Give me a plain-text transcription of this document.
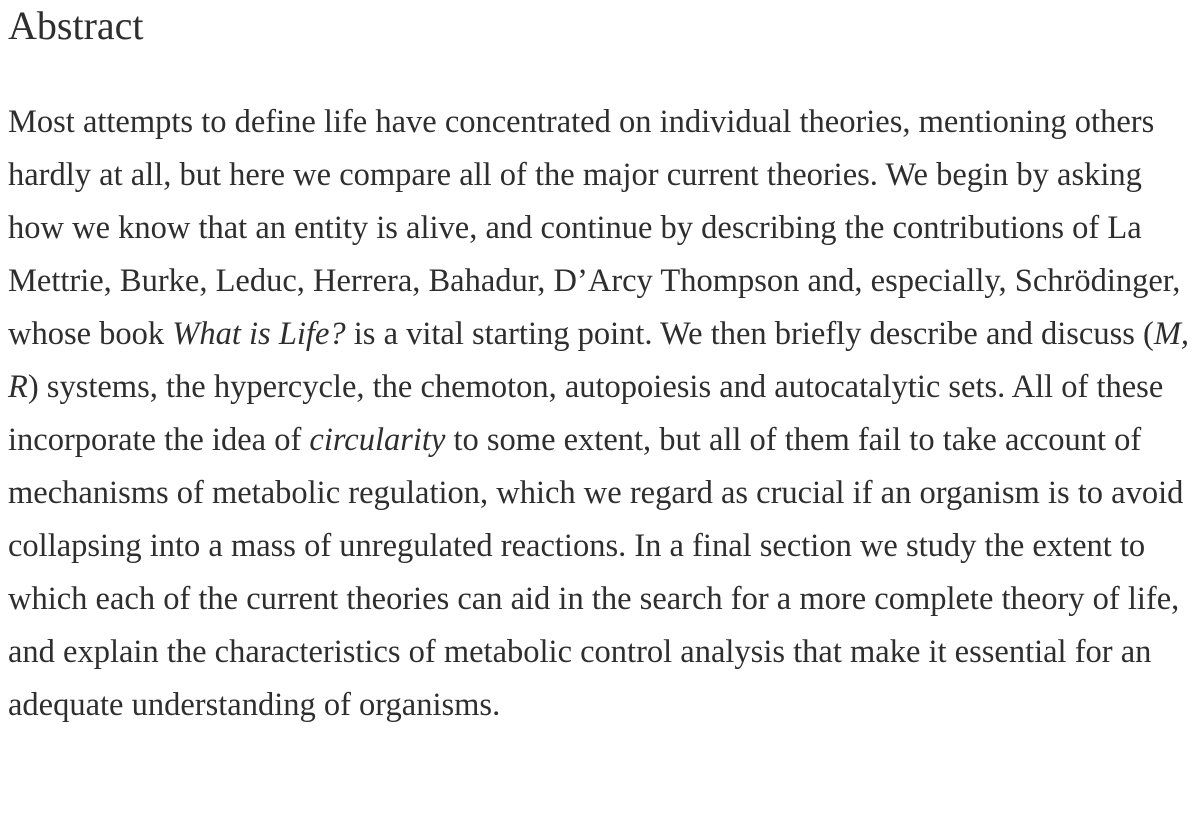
Abstract

Most attempts to define life have concentrated on individual theories, mentioning others hardly at all, but here we compare all of the major current theories. We begin by asking how we know that an entity is alive, and continue by describing the contributions of La Mettrie, Burke, Leduc, Herrera, Bahadur, D’Arcy Thompson and, especially, Schrödinger, whose book What is Life? is a vital starting point. We then briefly describe and discuss (M, R) systems, the hypercycle, the chemoton, autopoiesis and autocatalytic sets. All of these incorporate the idea of circularity to some extent, but all of them fail to take account of mechanisms of metabolic regulation, which we regard as crucial if an organism is to avoid collapsing into a mass of unregulated reactions. In a final section we study the extent to which each of the current theories can aid in the search for a more complete theory of life, and explain the characteristics of metabolic control analysis that make it essential for an adequate understanding of organisms.
